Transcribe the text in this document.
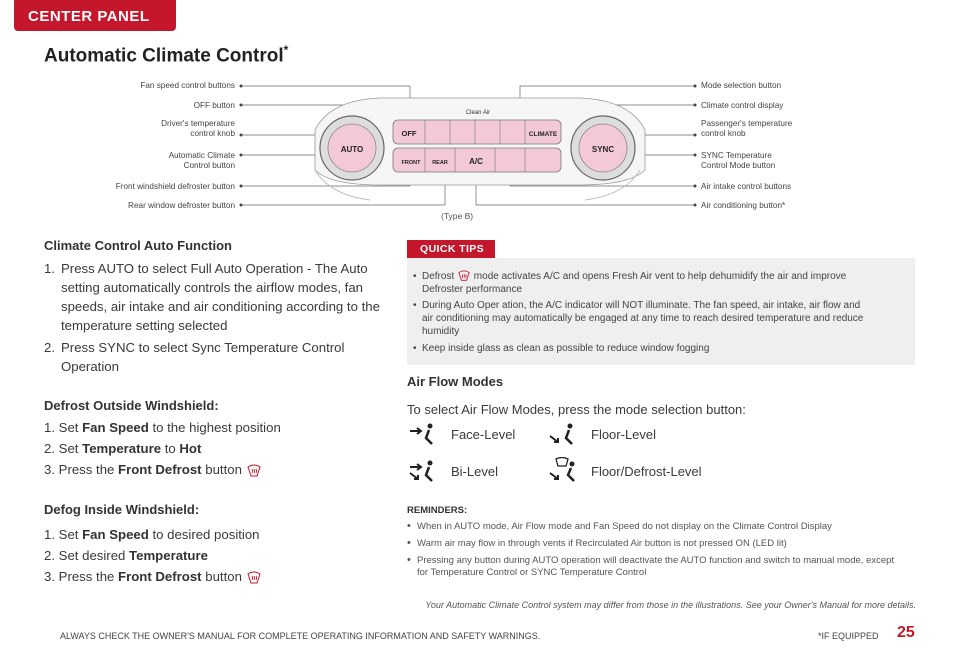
CENTER PANEL
Automatic Climate Control*
Fan speed control buttons
OFF button
Driver's temperature
control knob
Automatic Climate
Control button
Front windshield defroster button
Rear window defroster button
Mode selection button
Climate control display
Passenger's temperature
control knob
SYNC Temperature
Control Mode button
Air intake control buttons
Air conditioning button*
(Type B)
AUTO	SYNC
OFF	CLIMATE
Clean Air
FRONT REAR	A/C
Climate Control Auto Function
1. Press AUTO to select Full Auto Operation - The Auto setting automatically controls the airflow modes, fan speeds, air intake and air conditioning according to the temperature setting selected
2. Press SYNC to select Sync Temperature Control Operation
Defrost Outside Windshield:
1. Set Fan Speed to the highest position
2. Set Temperature to Hot
3. Press the Front Defrost button
Defog Inside Windshield:
1. Set Fan Speed to desired position
2. Set desired Temperature
3. Press the Front Defrost button
QUICK TIPS
• Defrost mode activates A/C and opens Fresh Air vent to help dehumidify the air and improve
Defroster performance
• During Auto Oper ation, the A/C indicator will NOT illuminate. The fan speed, air intake, air flow and
air conditioning may automatically be engaged at any time to reach desired temperature and reduce
humidity
• Keep inside glass as clean as possible to reduce window fogging
Air Flow Modes
To select Air Flow Modes, press the mode selection button:
Face-Level	Floor-Level
Bi-Level	Floor/Defrost-Level
REMINDERS:
• When in AUTO mode, Air Flow mode and Fan Speed do not display on the Climate Control Display
• Warm air may flow in through vents if Recirculated Air button is not pressed ON (LED lit)
• Pressing any button during AUTO operation will deactivate the AUTO function and switch to manual mode, except
for Temperature Control or SYNC Temperature Control
Your Automatic Climate Control system may differ from those in the illustrations. See your Owner's Manual for more details.
ALWAYS CHECK THE OWNER'S MANUAL FOR COMPLETE OPERATING INFORMATION AND SAFETY WARNINGS.	*IF EQUIPPED 25
